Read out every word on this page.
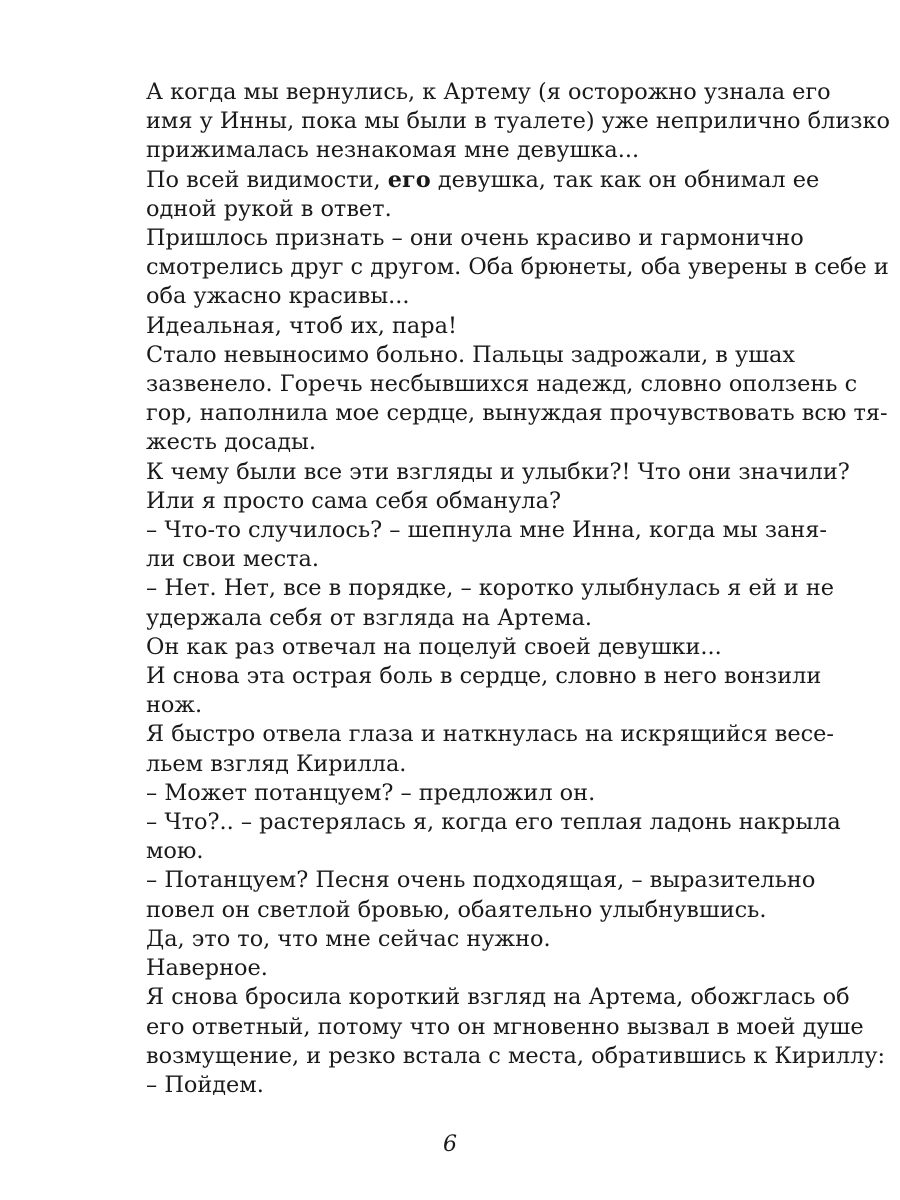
А когда мы вернулись, к Артему (я осторожно узнала его
имя у Инны, пока мы были в туалете) уже неприлично близко
прижималась незнакомая мне девушка...

По всей видимости, его девушка, так как он обнимал ее
одной рукой в ответ.

Пришлось признать – они очень красиво и гармонично
смотрелись друг с другом. Оба брюнеты, оба уверены в себе и
оба ужасно красивы...

Идеальная, чтоб их, пара!

Стало невыносимо больно. Пальцы задрожали, в ушах
зазвенело. Горечь несбывшихся надежд, словно оползень с
гор, наполнила мое сердце, вынуждая прочувствовать всю тя-
жесть досады.

К чему были все эти взгляды и улыбки?! Что они значили?

Или я просто сама себя обманула?

– Что-то случилось? – шепнула мне Инна, когда мы заня-
ли свои места.

– Нет. Нет, все в порядке, – коротко улыбнулась я ей и не
удержала себя от взгляда на Артема.

Он как раз отвечал на поцелуй своей девушки...

И снова эта острая боль в сердце, словно в него вонзили
нож.

Я быстро отвела глаза и наткнулась на искрящийся весе-
льем взгляд Кирилла.

– Может потанцуем? – предложил он.

– Что?.. – растерялась я, когда его теплая ладонь накрыла
мою.

– Потанцуем? Песня очень подходящая, – выразительно
повел он светлой бровью, обаятельно улыбнувшись.

Да, это то, что мне сейчас нужно.

Наверное.

Я снова бросила короткий взгляд на Артема, обожглась об
его ответный, потому что он мгновенно вызвал в моей душе
возмущение, и резко встала с места, обратившись к Кириллу:

– Пойдем.

6
